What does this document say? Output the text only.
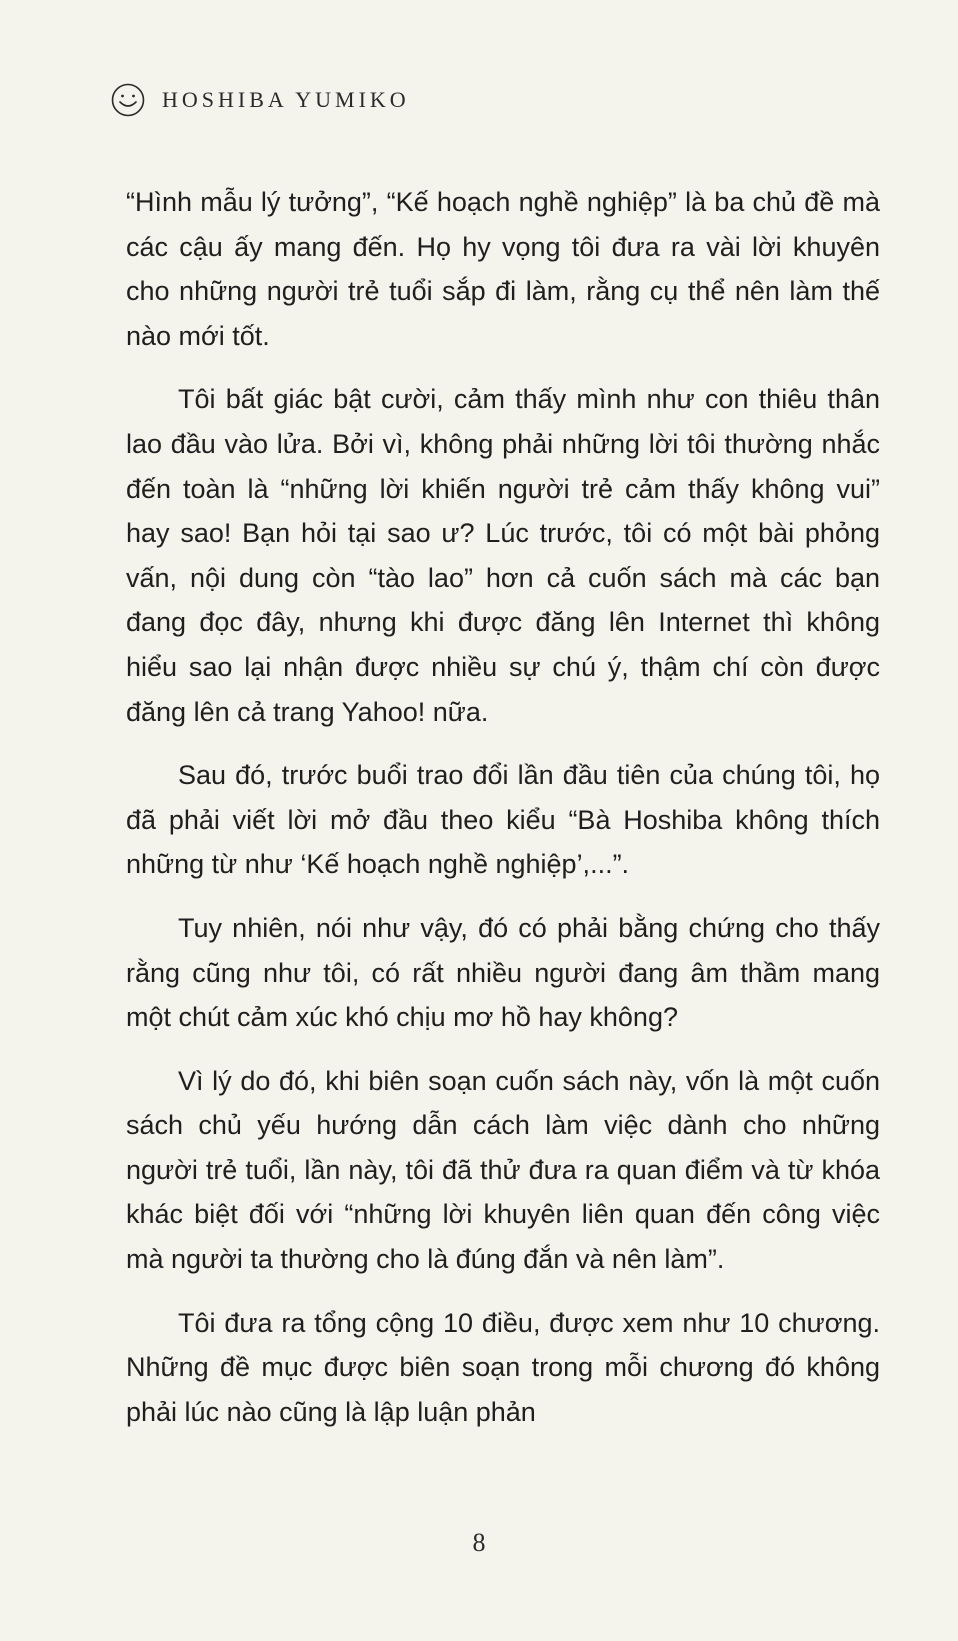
HOSHIBA YUMIKO

“Hình mẫu lý tưởng”, “Kế hoạch nghề nghiệp” là ba chủ đề mà các cậu ấy mang đến. Họ hy vọng tôi đưa ra vài lời khuyên cho những người trẻ tuổi sắp đi làm, rằng cụ thể nên làm thế nào mới tốt.

Tôi bất giác bật cười, cảm thấy mình như con thiêu thân lao đầu vào lửa. Bởi vì, không phải những lời tôi thường nhắc đến toàn là “những lời khiến người trẻ cảm thấy không vui” hay sao! Bạn hỏi tại sao ư? Lúc trước, tôi có một bài phỏng vấn, nội dung còn “tào lao” hơn cả cuốn sách mà các bạn đang đọc đây, nhưng khi được đăng lên Internet thì không hiểu sao lại nhận được nhiều sự chú ý, thậm chí còn được đăng lên cả trang Yahoo! nữa.

Sau đó, trước buổi trao đổi lần đầu tiên của chúng tôi, họ đã phải viết lời mở đầu theo kiểu “Bà Hoshiba không thích những từ như ‘Kế hoạch nghề nghiệp’,...”.

Tuy nhiên, nói như vậy, đó có phải bằng chứng cho thấy rằng cũng như tôi, có rất nhiều người đang âm thầm mang một chút cảm xúc khó chịu mơ hồ hay không?

Vì lý do đó, khi biên soạn cuốn sách này, vốn là một cuốn sách chủ yếu hướng dẫn cách làm việc dành cho những người trẻ tuổi, lần này, tôi đã thử đưa ra quan điểm và từ khóa khác biệt đối với “những lời khuyên liên quan đến công việc mà người ta thường cho là đúng đắn và nên làm”.

Tôi đưa ra tổng cộng 10 điều, được xem như 10 chương. Những đề mục được biên soạn trong mỗi chương đó không phải lúc nào cũng là lập luận phản

8
